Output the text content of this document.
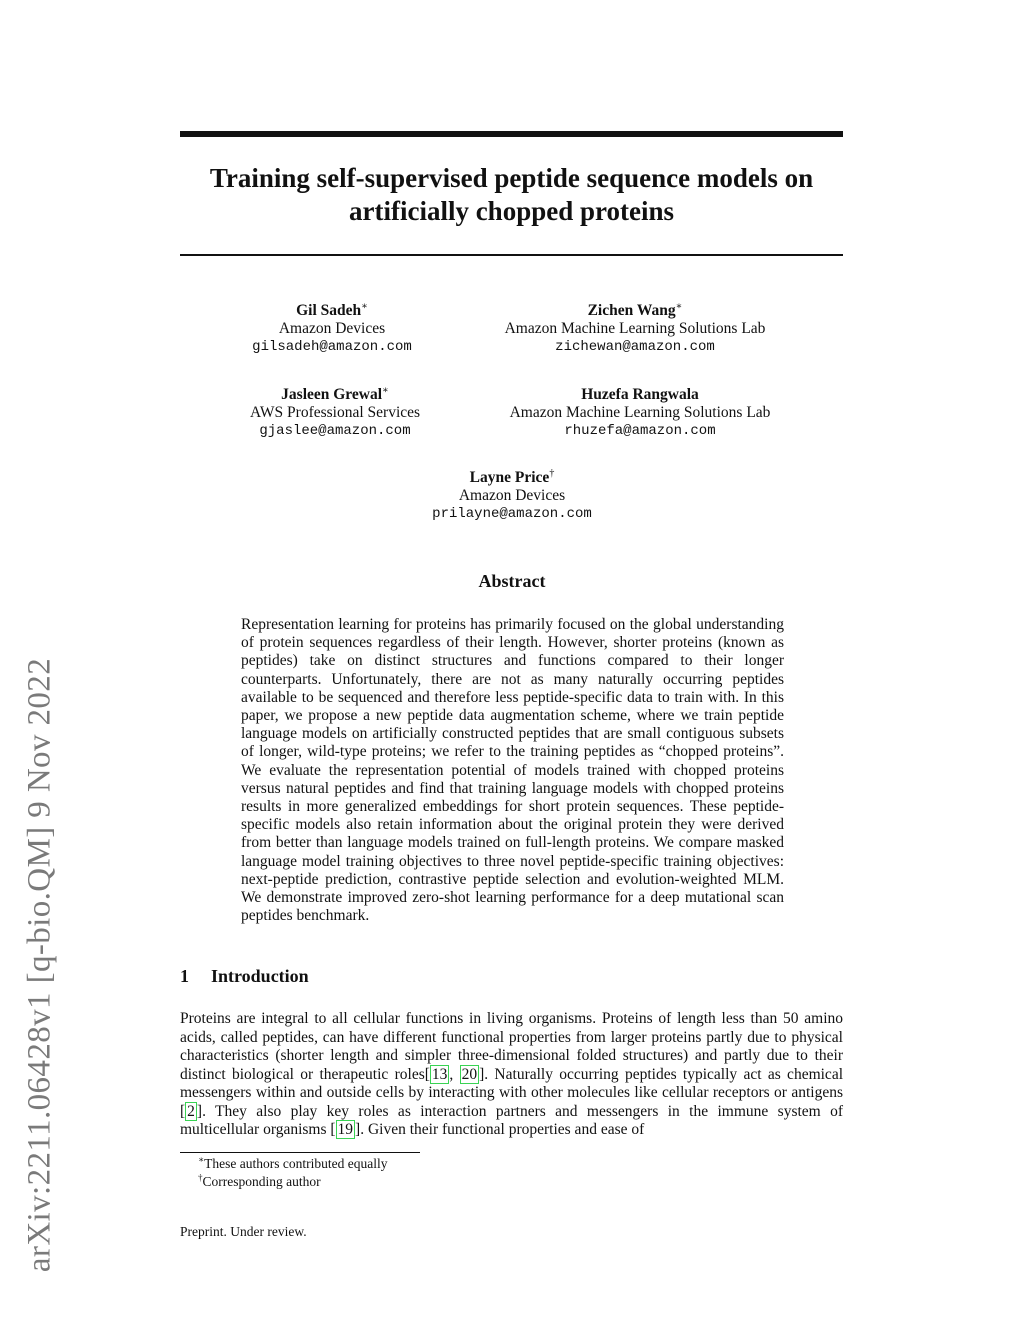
arXiv:2211.06428v1 [q-bio.QM] 9 Nov 2022
Training self-supervised peptide sequence models on artificially chopped proteins
Gil Sadeh∗
Amazon Devices
gilsadeh@amazon.com
Zichen Wang∗
Amazon Machine Learning Solutions Lab
zichewan@amazon.com
Jasleen Grewal∗
AWS Professional Services
gjaslee@amazon.com
Huzefa Rangwala
Amazon Machine Learning Solutions Lab
rhuzefa@amazon.com
Layne Price†
Amazon Devices
prilayne@amazon.com
Abstract

Representation learning for proteins has primarily focused on the global understanding of protein sequences regardless of their length. However, shorter proteins (known as peptides) take on distinct structures and functions compared to their longer counterparts. Unfortunately, there are not as many naturally occurring peptides available to be sequenced and therefore less peptide-specific data to train with. In this paper, we propose a new peptide data augmentation scheme, where we train peptide language models on artificially constructed peptides that are small contiguous subsets of longer, wild-type proteins; we refer to the training peptides as “chopped proteins”. We evaluate the representation potential of models trained with chopped proteins versus natural peptides and find that training language models with chopped proteins results in more generalized embeddings for short protein sequences. These peptide-specific models also retain information about the original protein they were derived from better than language models trained on full-length proteins. We compare masked language model training objectives to three novel peptide-specific training objectives: next-peptide prediction, contrastive peptide selection and evolution-weighted MLM. We demonstrate improved zero-shot learning performance for a deep mutational scan peptides benchmark.

1 Introduction

Proteins are integral to all cellular functions in living organisms. Proteins of length less than 50 amino acids, called peptides, can have different functional properties from larger proteins partly due to physical characteristics (shorter length and simpler three-dimensional folded structures) and partly due to their distinct biological or therapeutic roles[ 13 , 20 ]. Naturally occurring peptides typically act as chemical messengers within and outside cells by interacting with other molecules like cellular receptors or antigens [ 2 ]. They also play key roles as interaction partners and messengers in the immune system of multicellular organisms [ 19 ]. Given their functional properties and ease of

∗These authors contributed equally
†Corresponding author
Preprint. Under review.
